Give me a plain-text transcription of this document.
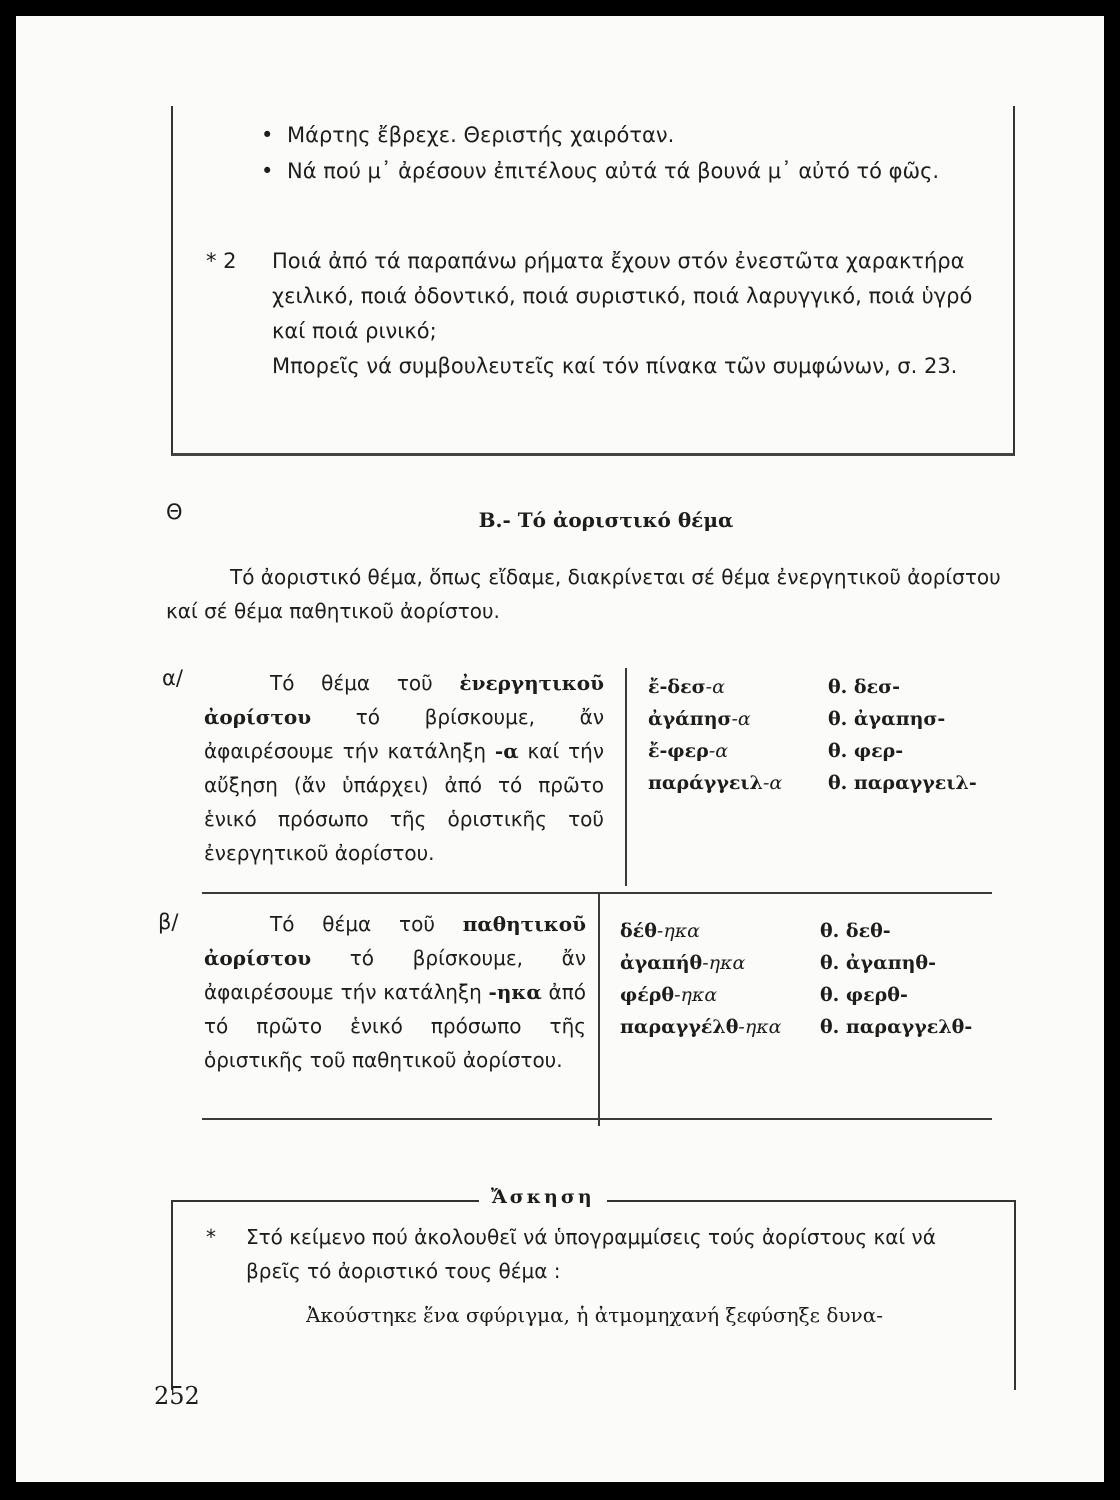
• Μάρτης ἔβρεχε. Θεριστής χαιρόταν.
• Νά πού μ᾽ ἀρέσουν ἐπιτέλους αὐτά τά βουνά μ᾽ αὐτό τό φῶς.
* 2 Ποιά ἀπό τά παραπάνω ρήματα ἔχουν στόν ἐνεστῶτα χαρακτήρα χειλικό, ποιά ὀδοντικό, ποιά συριστικό, ποιά λαρυγγικό, ποιά ὑγρό καί ποιά ρινικό;

Μπορεῖς νά συμβουλευτεῖς καί τόν πίνακα τῶν συμφώνων, σ. 23.

Θ	Β.- Τό ἀοριστικό θέμα
Τό ἀοριστικό θέμα, ὅπως εἴδαμε, διακρίνεται σέ θέμα ἐνεργητικοῦ ἀορίστου καί σέ θέμα παθητικοῦ ἀορίστου.
α/	Τό θέμα τοῦ ἐνεργητικοῦ ἀορίστου τό βρίσκουμε, ἄν ἀφαιρέσουμε τήν κατάληξη -α καί τήν αὔξηση (ἄν ὑπάρχει) ἀπό τό πρῶτο ἑνικό πρόσωπο τῆς ὁριστικῆς τοῦ ἐνεργητικοῦ ἀορίστου.
ἔ-δεσ-α	θ. δεσ-
ἀγάπησ-α	θ. ἀγαπησ-
ἔ-φερ-α	θ. φερ-
παράγγειλ-α	θ. παραγγειλ-
β/	Τό θέμα τοῦ παθητικοῦ ἀορίστου τό βρίσκουμε, ἄν ἀφαιρέσουμε τήν κατάληξη -ηκα ἀπό τό πρῶτο ἑνικό πρόσωπο τῆς ὁριστικῆς τοῦ παθητικοῦ ἀορίστου.
δέθ-ηκα	θ. δεθ-
ἀγαπήθ-ηκα	θ. ἀγαπηθ-
φέρθ-ηκα	θ. φερθ-
παραγγέλθ-ηκα	θ. παραγγελθ-
Ἄσκηση
* Στό κείμενο πού ἀκολουθεῖ νά ὑπογραμμίσεις τούς ἀορίστους καί νά βρεῖς τό ἀοριστικό τους θέμα :
Ἀκούστηκε ἕνα σφύριγμα, ἡ ἀτμομηχανή ξεφύσηξε δυνα-
252
